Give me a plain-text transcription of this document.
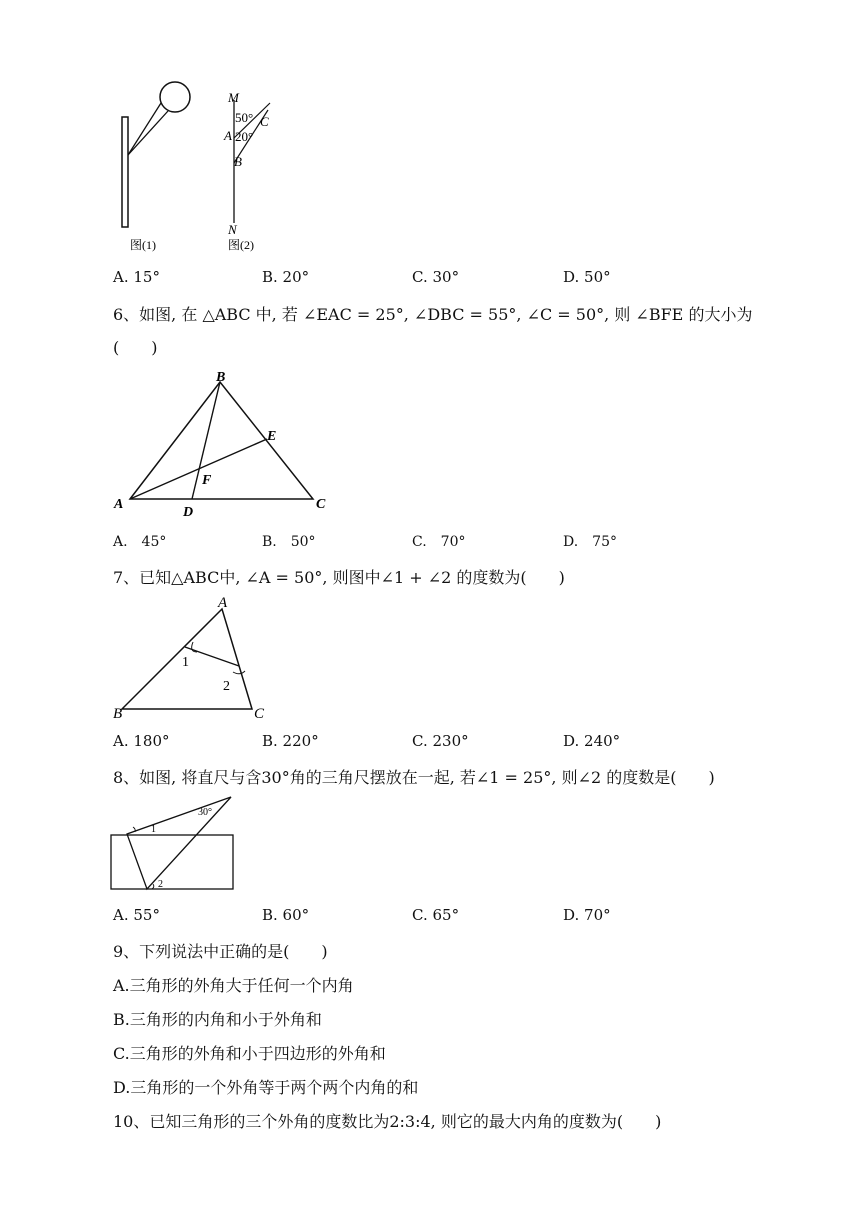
图(1)
M
50° C
A 20°
B
N
图(2)
A. 15°	B. 20°	C. 30°	D. 50°
6、如图, 在 △ABC 中, 若 ∠EAC = 25°, ∠DBC = 55°, ∠C = 50°, 则 ∠BFE 的大小为
(　　)
B
E
F
A
D
C
A.　45°	B.　50°	C.　70°	D.　75°
7、已知△ABC中, ∠A = 50°, 则图中∠1 + ∠2 的度数为(　　)
A
1
2
B	C
A. 180°	B. 220°	C. 230°	D. 240°
8、如图, 将直尺与含30°角的三角尺摆放在一起, 若∠1 = 25°, 则∠2 的度数是(　　)
30°
1
2
A. 55°	B. 60°	C. 65°	D. 70°
9、下列说法中正确的是(　　)
A.三角形的外角大于任何一个内角
B.三角形的内角和小于外角和
C.三角形的外角和小于四边形的外角和
D.三角形的一个外角等于两个两个内角的和
10、已知三角形的三个外角的度数比为2:3:4, 则它的最大内角的度数为(　　)
